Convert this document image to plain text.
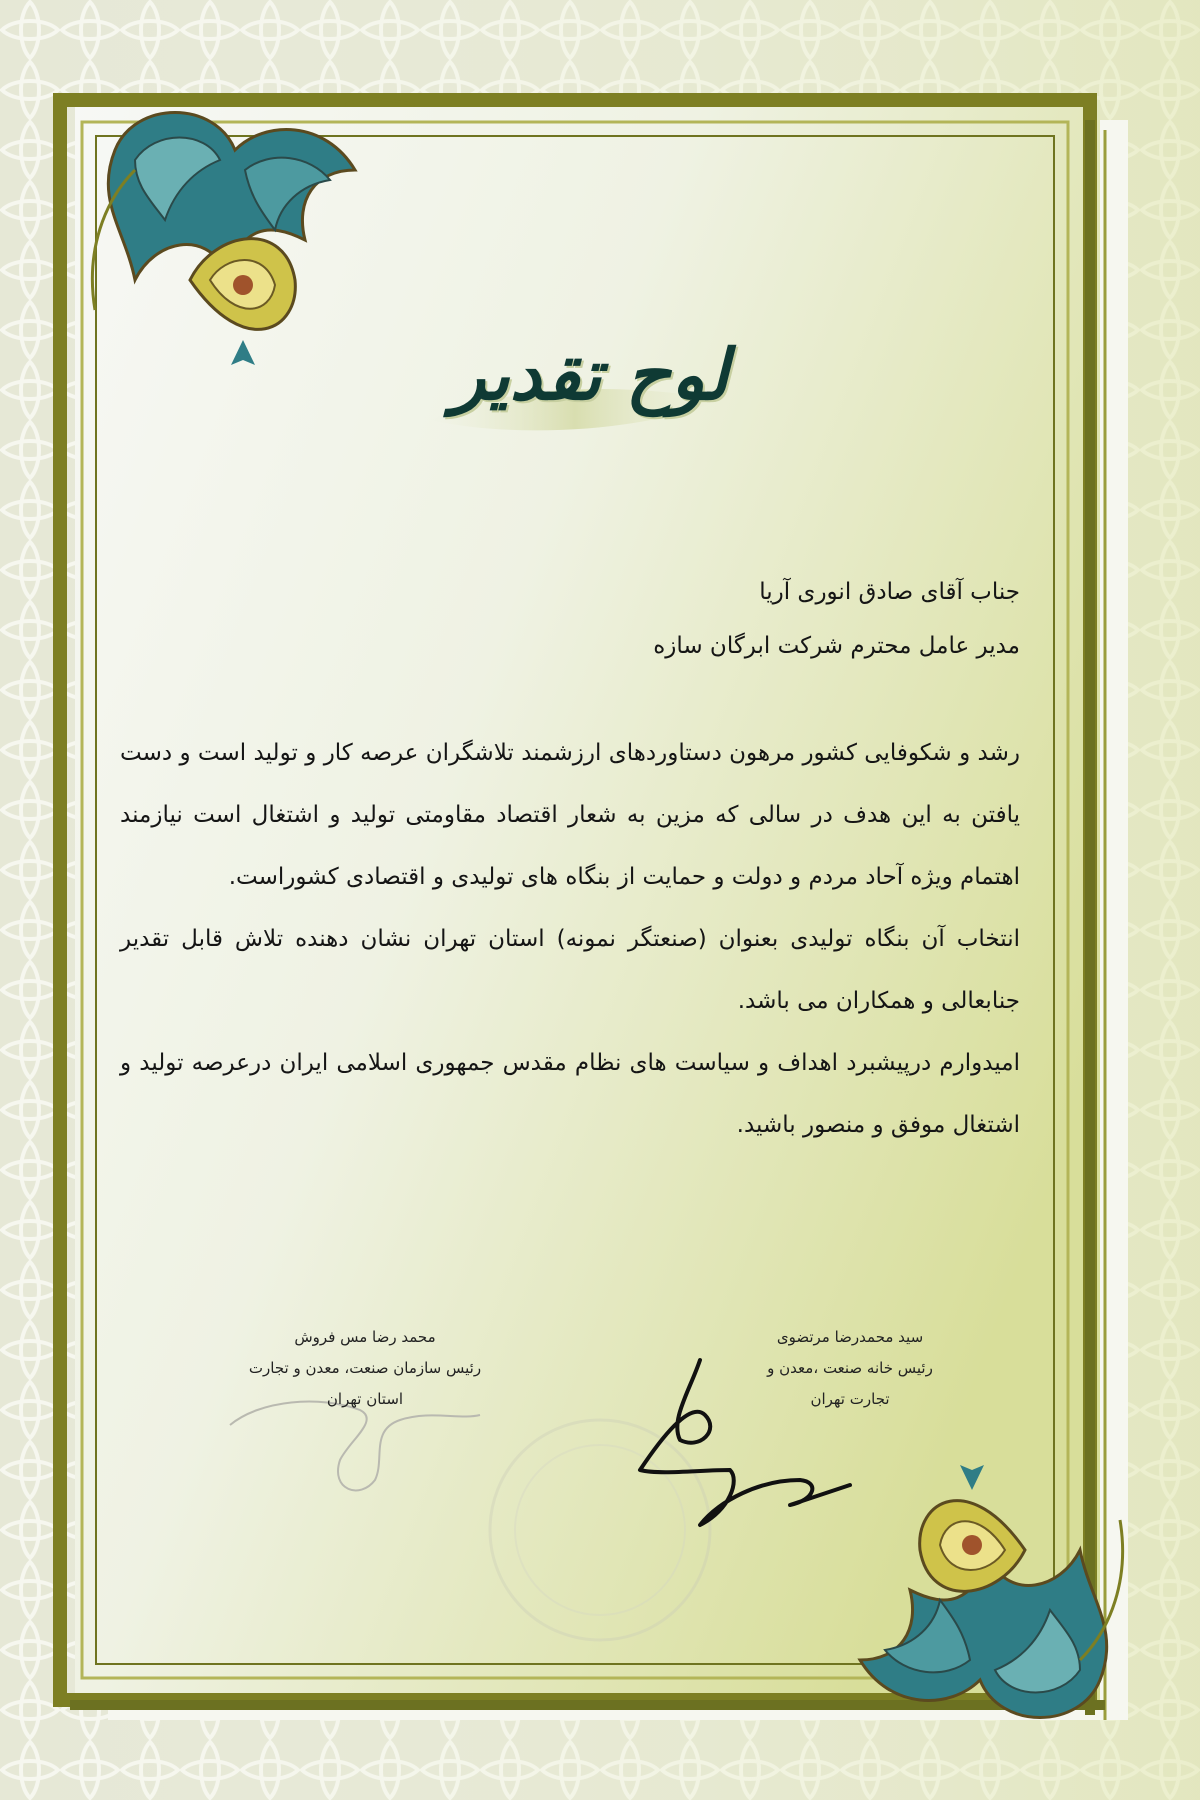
لوح تقدیر
جناب آقای صادق انوری آریا
مدیر عامل محترم شرکت ابرگان سازه

رشد و شکوفایی کشور مرهون دستاوردهای ارزشمند تلاشگران عرصه کار و تولید است و دست یافتن به این هدف در سالی که مزین به شعار اقتصاد مقاومتی تولید و اشتغال است نیازمند اهتمام ویژه آحاد مردم و دولت و حمایت از بنگاه های تولیدی و اقتصادی کشوراست.

انتخاب آن بنگاه تولیدی بعنوان (صنعتگر نمونه) استان تهران نشان دهنده تلاش قابل تقدیر جنابعالی و همکاران می باشد.

امیدوارم درپیشبرد اهداف و سیاست های نظام مقدس جمهوری اسلامی ایران درعرصه تولید و اشتغال موفق و منصور باشید.

محمد رضا مس فروش
رئیس سازمان صنعت، معدن و تجارت
استان تهران
سید محمدرضا مرتضوی
رئیس خانه صنعت ،معدن و
تجارت تهران
